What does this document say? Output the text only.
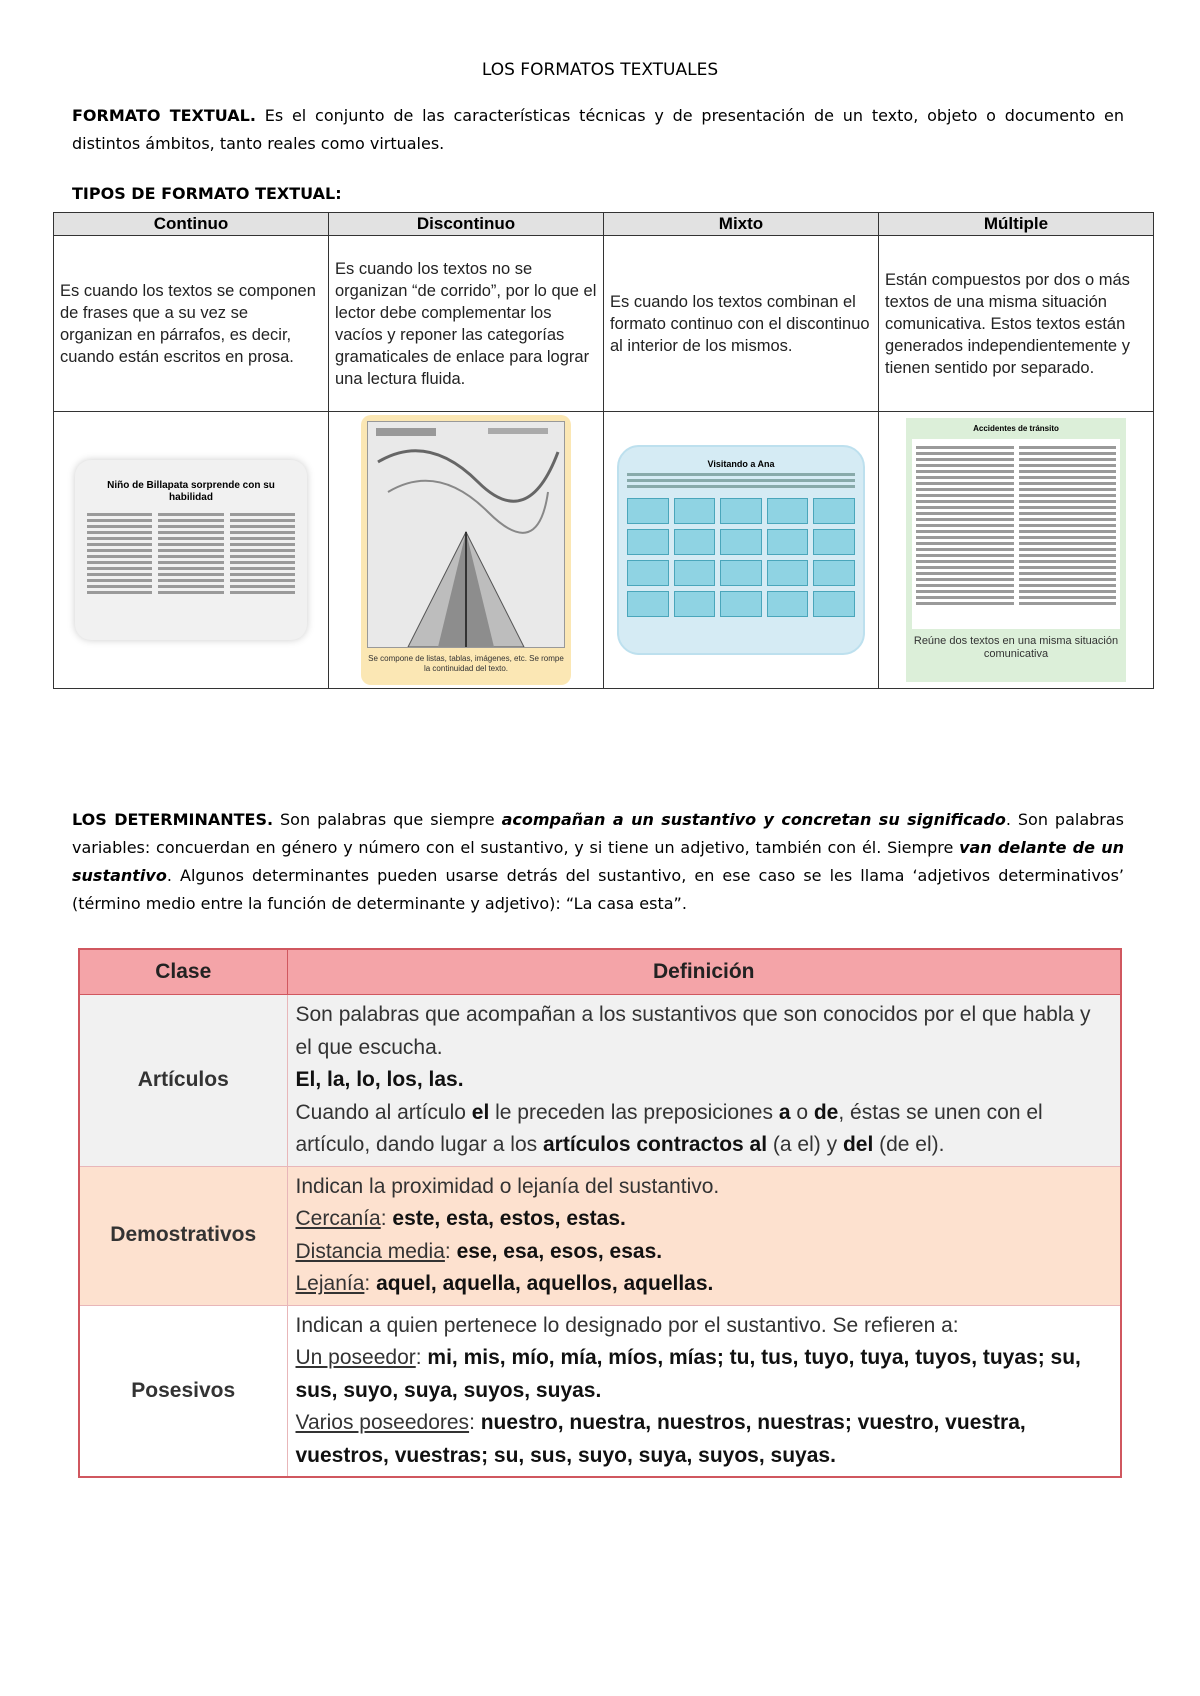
LOS FORMATOS TEXTUALES
FORMATO TEXTUAL. Es el conjunto de las características técnicas y de presentación de un texto, objeto o documento en distintos ámbitos, tanto reales como virtuales.
TIPOS DE FORMATO TEXTUAL:
Continuo	Discontinuo	Mixto	Múltiple
Es cuando los textos se componen de frases que a su vez se organizan en párrafos, es decir, cuando están escritos en prosa.	Es cuando los textos no se organizan “de corrido”, por lo que el lector debe complementar los vacíos y reponer las categorías gramaticales de enlace para lograr una lectura fluida.	Es cuando los textos combinan el formato continuo con el discontinuo al interior de los mismos.	Están compuestos por dos o más textos de una misma situación comunicativa. Estos textos están generados independientemente y tienen sentido por separado.

Niño de Billapata sorprende con su habilidad	Se compone de listas, tablas, imágenes, etc. Se rompe la continuidad del texto.	Visitando a Ana	Accidentes de tránsito
Reúne dos textos en una misma situación comunicativa
LOS DETERMINANTES. Son palabras que siempre acompañan a un sustantivo y concretan su significado. Son palabras variables: concuerdan en género y número con el sustantivo, y si tiene un adjetivo, también con él. Siempre van delante de un sustantivo. Algunos determinantes pueden usarse detrás del sustantivo, en ese caso se les llama ‘adjetivos determinativos’ (término medio entre la función de determinante y adjetivo): “La casa esta”.
Clase	Definición
Artículos	Son palabras que acompañan a los sustantivos que son conocidos por el que habla y el que escucha.
El, la, lo, los, las.
Cuando al artículo el le preceden las preposiciones a o de, éstas se unen con el artículo, dando lugar a los artículos contractos al (a el) y del (de el).

Demostrativos	Indican la proximidad o lejanía del sustantivo.
Cercanía: este, esta, estos, estas.
Distancia media: ese, esa, esos, esas.
Lejanía: aquel, aquella, aquellos, aquellas.

Posesivos	Indican a quien pertenece lo designado por el sustantivo. Se refieren a:
Un poseedor: mi, mis, mío, mía, míos, mías; tu, tus, tuyo, tuya, tuyos, tuyas; su, sus, suyo, suya, suyos, suyas.
Varios poseedores: nuestro, nuestra, nuestros, nuestras; vuestro, vuestra, vuestros, vuestras; su, sus, suyo, suya, suyos, suyas.
